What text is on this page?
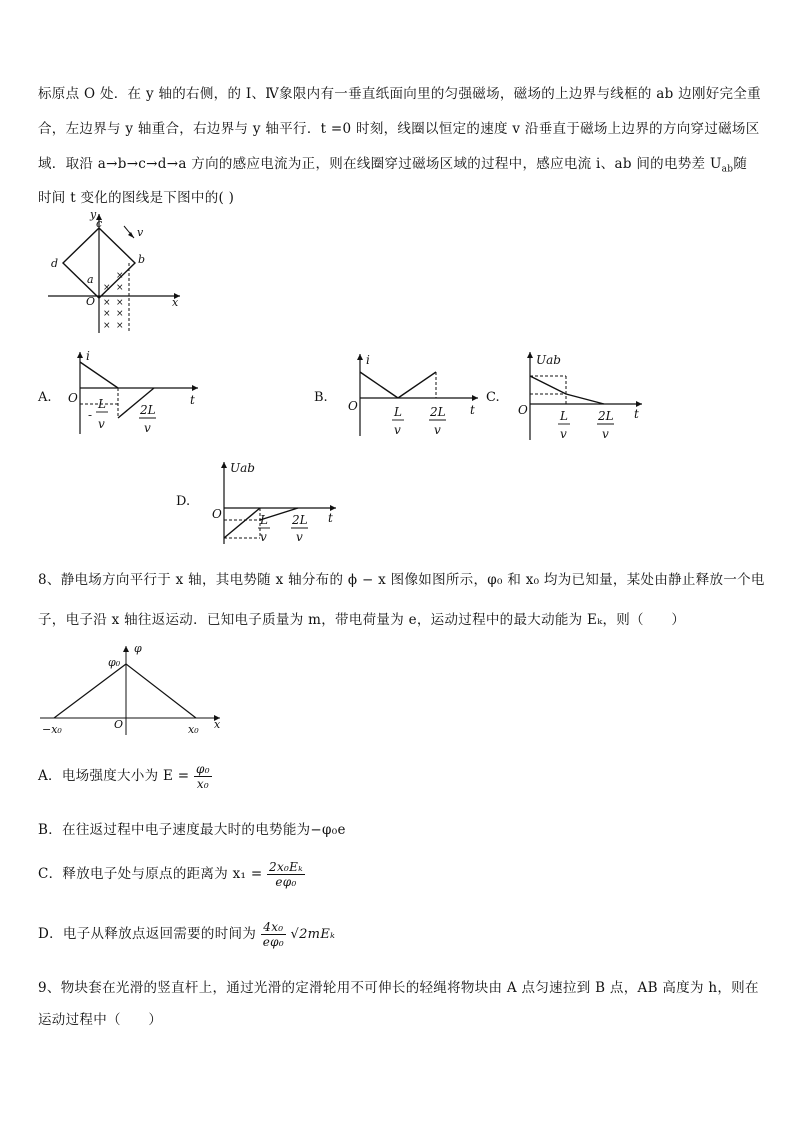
标原点 O 处．在 y 轴的右侧，的 I、Ⅳ象限内有一垂直纸面向里的匀强磁场，磁场的上边界与线框的 ab 边刚好完全重
合，左边界与 y 轴重合，右边界与 y 轴平行．t =0 时刻，线圈以恒定的速度 v 沿垂直于磁场上边界的方向穿过磁场区
域．取沿 a→b→c→d→a 方向的感应电流为正，则在线圈穿过磁场区域的过程中，感应电流 i、ab 间的电势差 $U_{ab}$随
时间 t 变化的图线是下图中的( )
× ×
× ×
× ×
× ×
×
y
c
v
d	b
a
O	x
A.
i
O	t
-
L
v
2L
v
B.
i
O	t
L
v
2L
v
C.
Uab
O	t
L
v
2L
v
D.
Uab
O	t
L
v
2L
v
8、静电场方向平行于 x 轴，其电势随 x 轴分布的 ϕ − x 图像如图所示，φ₀ 和 x₀ 均为已知量，某处由静止释放一个电
子，电子沿 x 轴往返运动．已知电子质量为 m，带电荷量为 e，运动过程中的最大动能为 Eₖ，则（　　）
φ₀
φ
−x₀	O	x₀ x
A．电场强度大小为 $E = \frac{\text{φ₀}}{\text{x₀}}$
B．在往返过程中电子速度最大时的电势能为−φ₀e
C．释放电子处与原点的距离为 $x_1 = \frac{\text{2x₀Eₖ}}{\text{eφ₀}}$
D．电子从释放点返回需要的时间为 $\frac{\text{4x₀}}{\text{eφ₀}} √2mE_k$
9、物块套在光滑的竖直杆上，通过光滑的定滑轮用不可伸长的轻绳将物块由 A 点匀速拉到 B 点，AB 高度为 h，则在
运动过程中（　　）
